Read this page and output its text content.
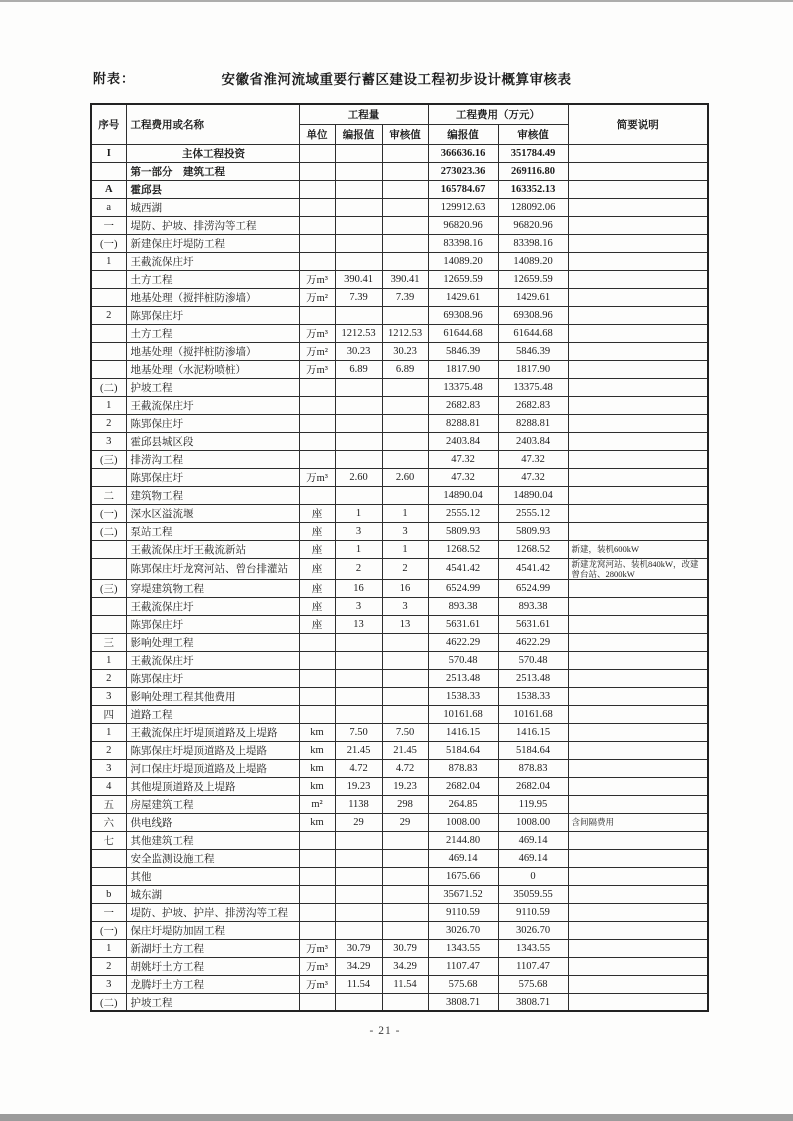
附表：	安徽省淮河流域重要行蓄区建设工程初步设计概算审核表
序号	工程费用或名称	工程量			工程费用（万元）		简要说明
		单位	编报值	审核值	编报值	审核值	
I	主体工程投资				366636.16	351784.49	
	第一部分　建筑工程				273023.36	269116.80	
A	霍邱县				165784.67	163352.13	
a	城西湖				129912.63	128092.06	
一	堤防、护坡、排涝沟等工程				96820.96	96820.96	
(一)	新建保庄圩堤防工程				83398.16	83398.16	
1	王截流保庄圩				14089.20	14089.20	
	土方工程	万m³	390.41	390.41	12659.59	12659.59	
	地基处理（搅拌桩防渗墙）	万m²	7.39	7.39	1429.61	1429.61	
2	陈郢保庄圩				69308.96	69308.96	
	土方工程	万m³	1212.53	1212.53	61644.68	61644.68	
	地基处理（搅拌桩防渗墙）	万m²	30.23	30.23	5846.39	5846.39	
	地基处理（水泥粉喷桩）	万m³	6.89	6.89	1817.90	1817.90	
(二)	护坡工程				13375.48	13375.48	
1	王截流保庄圩				2682.83	2682.83	
2	陈郢保庄圩				8288.81	8288.81	
3	霍邱县城区段				2403.84	2403.84	
(三)	排涝沟工程				47.32	47.32	
	陈郢保庄圩	万m³	2.60	2.60	47.32	47.32	
二	建筑物工程				14890.04	14890.04	
(一)	深水区溢流堰	座	1	1	2555.12	2555.12	
(二)	泵站工程	座	3	3	5809.93	5809.93	
	王截流保庄圩王截流新站	座	1	1	1268.52	1268.52	新建，装机600kW
	陈郢保庄圩龙窝河站、曾台排灌站	座	2	2	4541.42	4541.42	新建龙窝河站、装机840kW，改建曾台站、2800kW
(三)	穿堤建筑物工程	座	16	16	6524.99	6524.99	
	王截流保庄圩	座	3	3	893.38	893.38	
	陈郢保庄圩	座	13	13	5631.61	5631.61	
三	影响处理工程				4622.29	4622.29	
1	王截流保庄圩				570.48	570.48	
2	陈郢保庄圩				2513.48	2513.48	
3	影响处理工程其他费用				1538.33	1538.33	
四	道路工程				10161.68	10161.68	
1	王截流保庄圩堤顶道路及上堤路	km	7.50	7.50	1416.15	1416.15	
2	陈郢保庄圩堤顶道路及上堤路	km	21.45	21.45	5184.64	5184.64	
3	河口保庄圩堤顶道路及上堤路	km	4.72	4.72	878.83	878.83	
4	其他堤顶道路及上堤路	km	19.23	19.23	2682.04	2682.04	
五	房屋建筑工程	m²	1138	298	264.85	119.95	
六	供电线路	km	29	29	1008.00	1008.00	含间隔费用
七	其他建筑工程				2144.80	469.14	
	安全监测设施工程				469.14	469.14	
	其他				1675.66	0	
b	城东湖				35671.52	35059.55	
一	堤防、护坡、护岸、排涝沟等工程				9110.59	9110.59	
(一)	保庄圩堤防加固工程				3026.70	3026.70	
1	新湖圩土方工程	万m³	30.79	30.79	1343.55	1343.55	
2	胡姚圩土方工程	万m³	34.29	34.29	1107.47	1107.47	
3	龙腾圩土方工程	万m³	11.54	11.54	575.68	575.68	
(二)	护坡工程				3808.71	3808.71	
- 21 -
